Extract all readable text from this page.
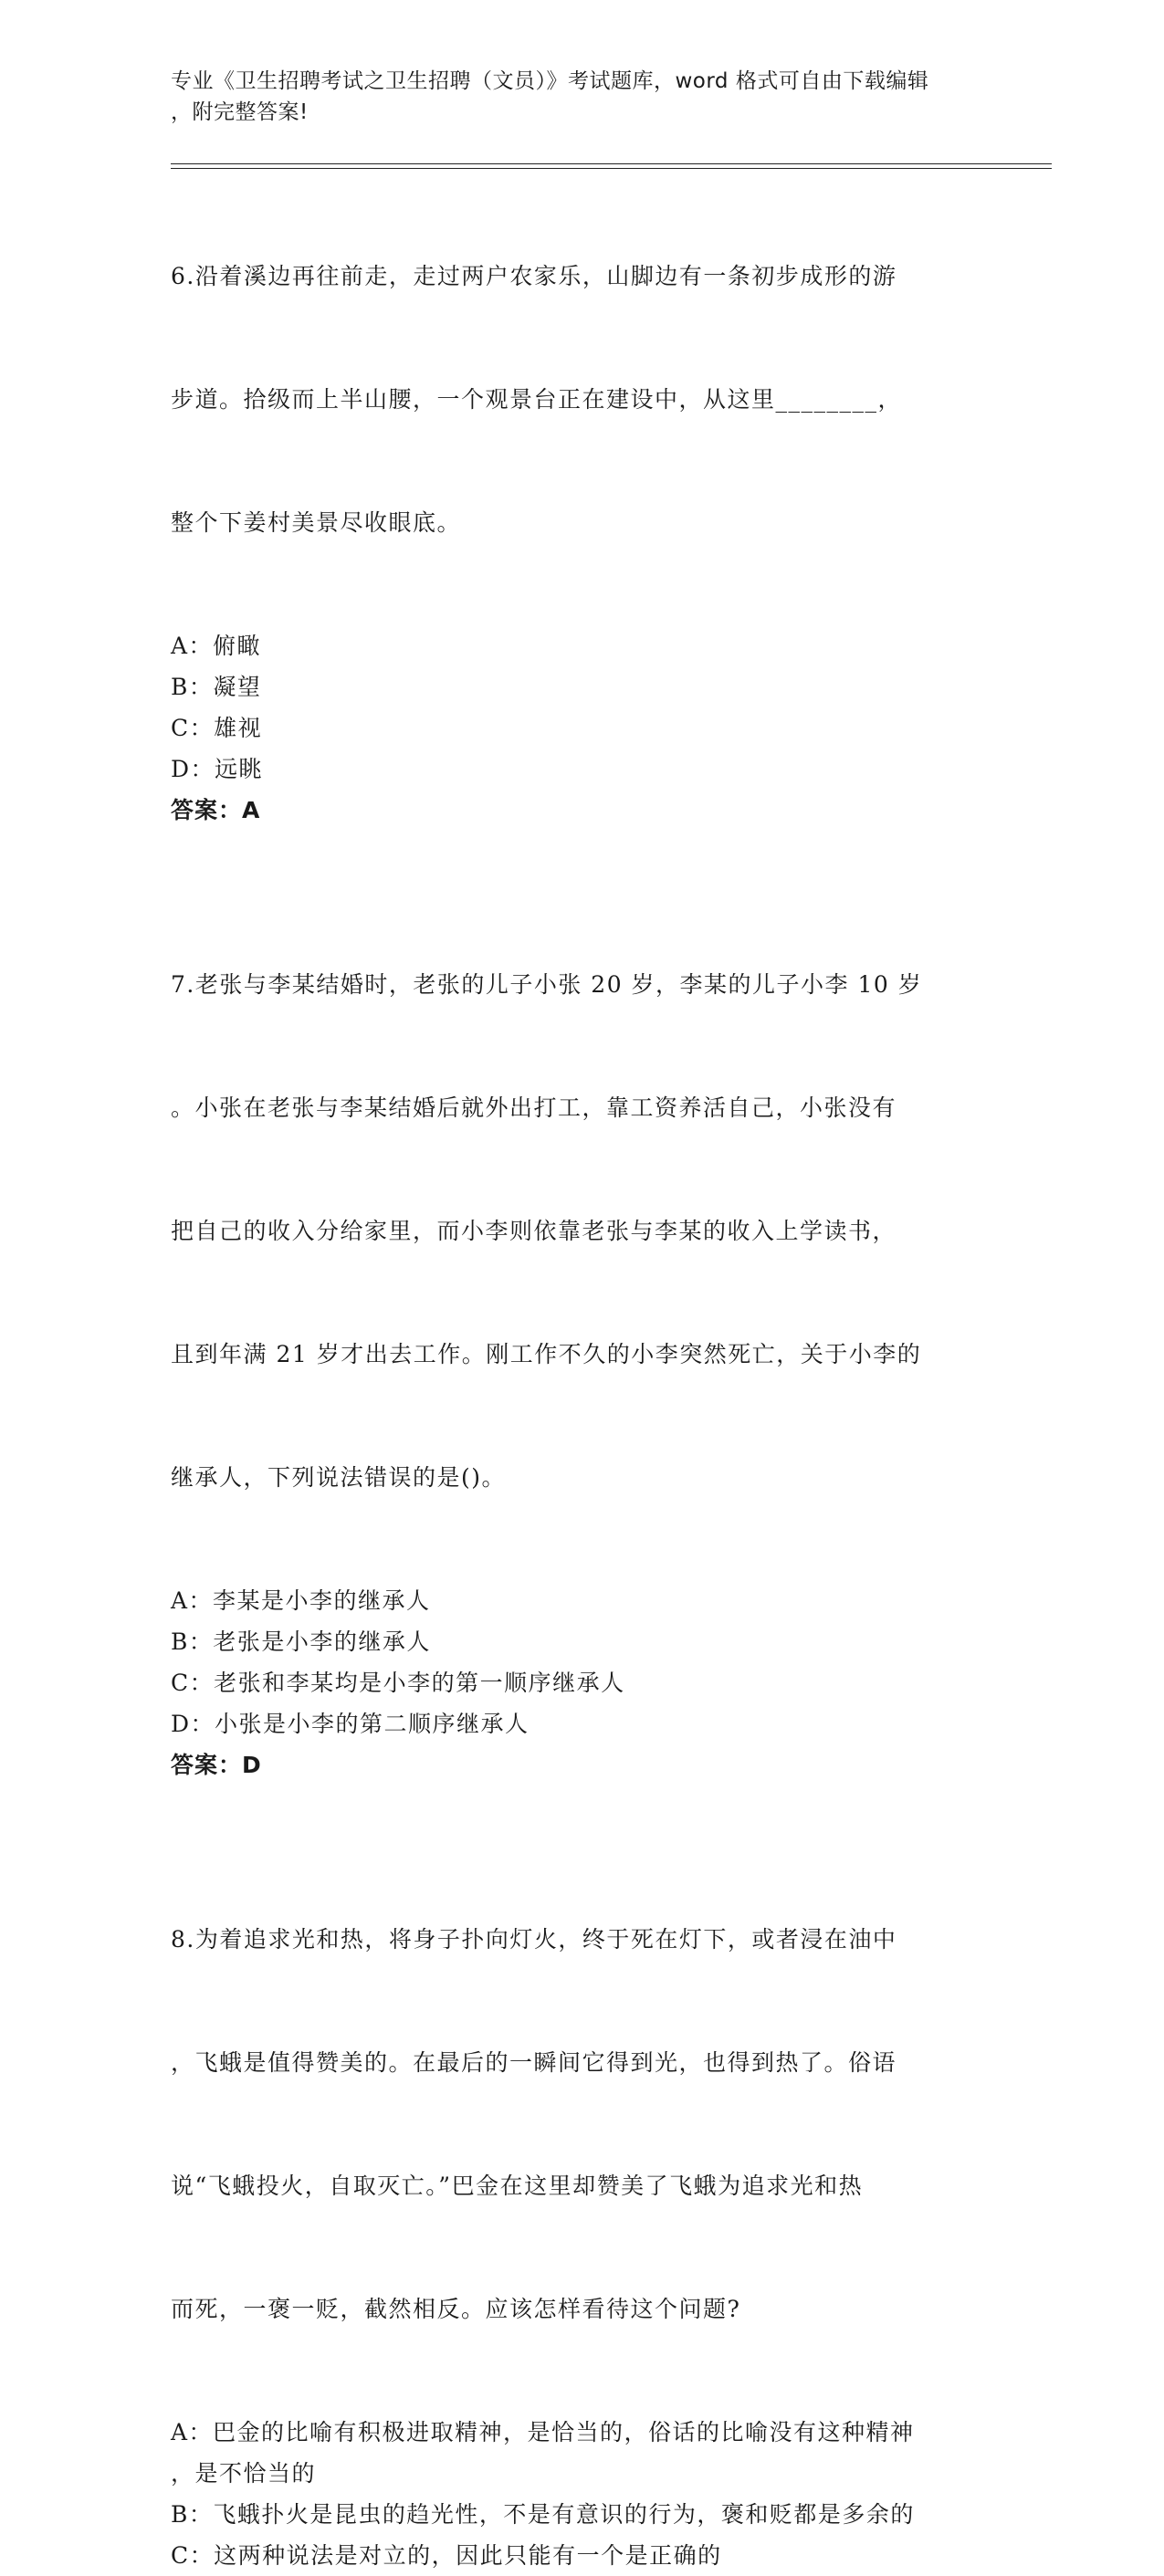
专业《卫生招聘考试之卫生招聘（文员）》考试题库，word 格式可自由下载编辑
，附完整答案!

6.沿着溪边再往前走，走过两户农家乐，山脚边有一条初步成形的游

步道。拾级而上半山腰，一个观景台正在建设中，从这里________，

整个下姜村美景尽收眼底。

A：俯瞰
B：凝望
C：雄视
D：远眺
答案：A

7.老张与李某结婚时，老张的儿子小张 20 岁，李某的儿子小李 10 岁

。小张在老张与李某结婚后就外出打工，靠工资养活自己，小张没有

把自己的收入分给家里，而小李则依靠老张与李某的收入上学读书，

且到年满 21 岁才出去工作。刚工作不久的小李突然死亡，关于小李的

继承人，下列说法错误的是()。

A：李某是小李的继承人
B：老张是小李的继承人
C：老张和李某均是小李的第一顺序继承人
D：小张是小李的第二顺序继承人
答案：D

8.为着追求光和热，将身子扑向灯火，终于死在灯下，或者浸在油中

，飞蛾是值得赞美的。在最后的一瞬间它得到光，也得到热了。俗语

说“飞蛾投火，自取灭亡。”巴金在这里却赞美了飞蛾为追求光和热

而死，一褒一贬，截然相反。应该怎样看待这个问题?

A：巴金的比喻有积极进取精神，是恰当的，俗话的比喻没有这种精神
，是不恰当的
B：飞蛾扑火是昆虫的趋光性，不是有意识的行为，褒和贬都是多余的
C：这两种说法是对立的，因此只能有一个是正确的
